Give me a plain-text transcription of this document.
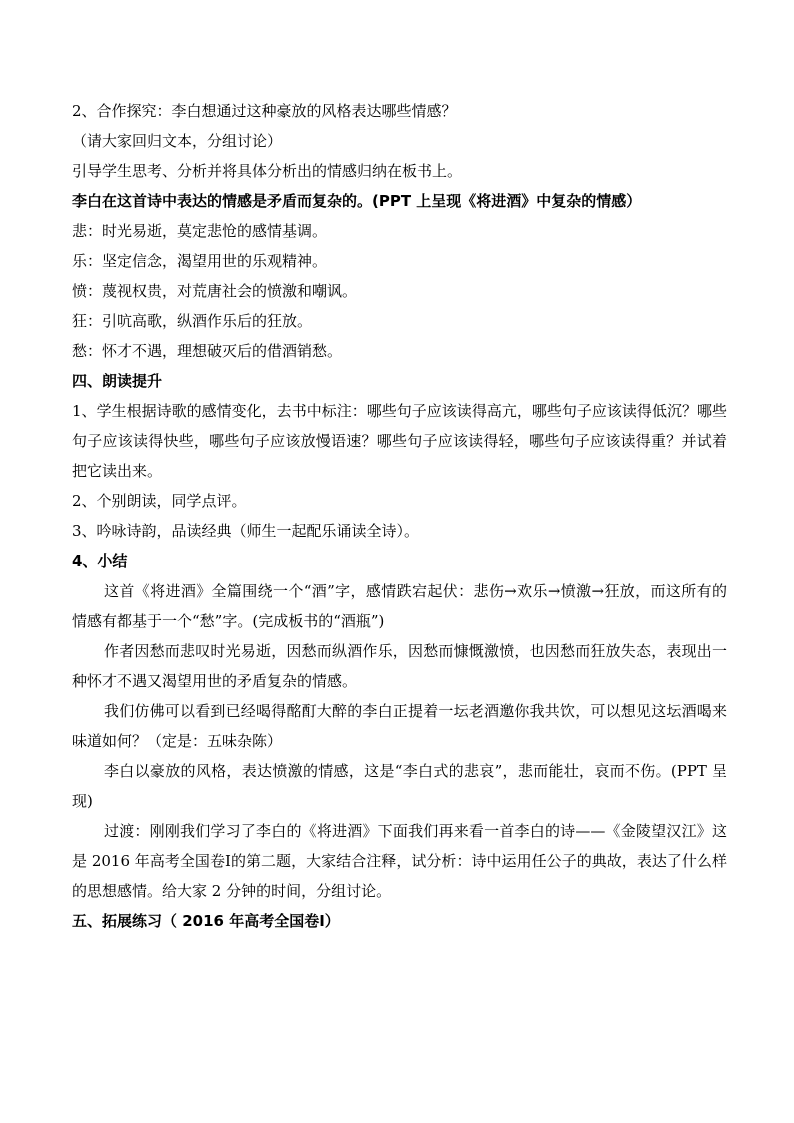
2、合作探究：李白想通过这种豪放的风格表达哪些情感？
（请大家回归文本，分组讨论）
引导学生思考、分析并将具体分析出的情感归纳在板书上。
李白在这首诗中表达的情感是矛盾而复杂的。(PPT 上呈现《将进酒》中复杂的情感）
悲：时光易逝，莫定悲怆的感情基调。
乐：坚定信念，渴望用世的乐观精神。
愤：蔑视权贵，对荒唐社会的愤激和嘲讽。
狂：引吭高歌，纵酒作乐后的狂放。
愁：怀才不遇，理想破灭后的借酒销愁。
四、朗读提升
1、学生根据诗歌的感情变化，去书中标注：哪些句子应该读得高亢，哪些句子应该读得低沉？哪些句子应该读得快些，哪些句子应该放慢语速？哪些句子应该读得轻，哪些句子应该读得重？并试着把它读出来。
2、个别朗读，同学点评。
3、吟咏诗韵，品读经典（师生一起配乐诵读全诗）。
4、小结
这首《将进酒》全篇围绕一个“酒”字，感情跌宕起伏：悲伤→欢乐→愤激→狂放，而这所有的情感有都基于一个“愁”字。(完成板书的“酒瓶”)
作者因愁而悲叹时光易逝，因愁而纵酒作乐，因愁而慷慨激愤，也因愁而狂放失态，表现出一种怀才不遇又渴望用世的矛盾复杂的情感。
我们仿佛可以看到已经喝得酩酊大醉的李白正提着一坛老酒邀你我共饮，可以想见这坛酒喝来味道如何？（定是：五味杂陈）
李白以豪放的风格，表达愤激的情感，这是“李白式的悲哀”，悲而能壮，哀而不伤。(PPT 呈现)
过渡：刚刚我们学习了李白的《将进酒》下面我们再来看一首李白的诗——《金陵望汉江》这是 2016 年高考全国卷Ⅰ的第二题，大家结合注释，试分析：诗中运用任公子的典故，表达了什么样的思想感情。给大家 2 分钟的时间，分组讨论。
五、拓展练习（ 2016 年高考全国卷Ⅰ）
